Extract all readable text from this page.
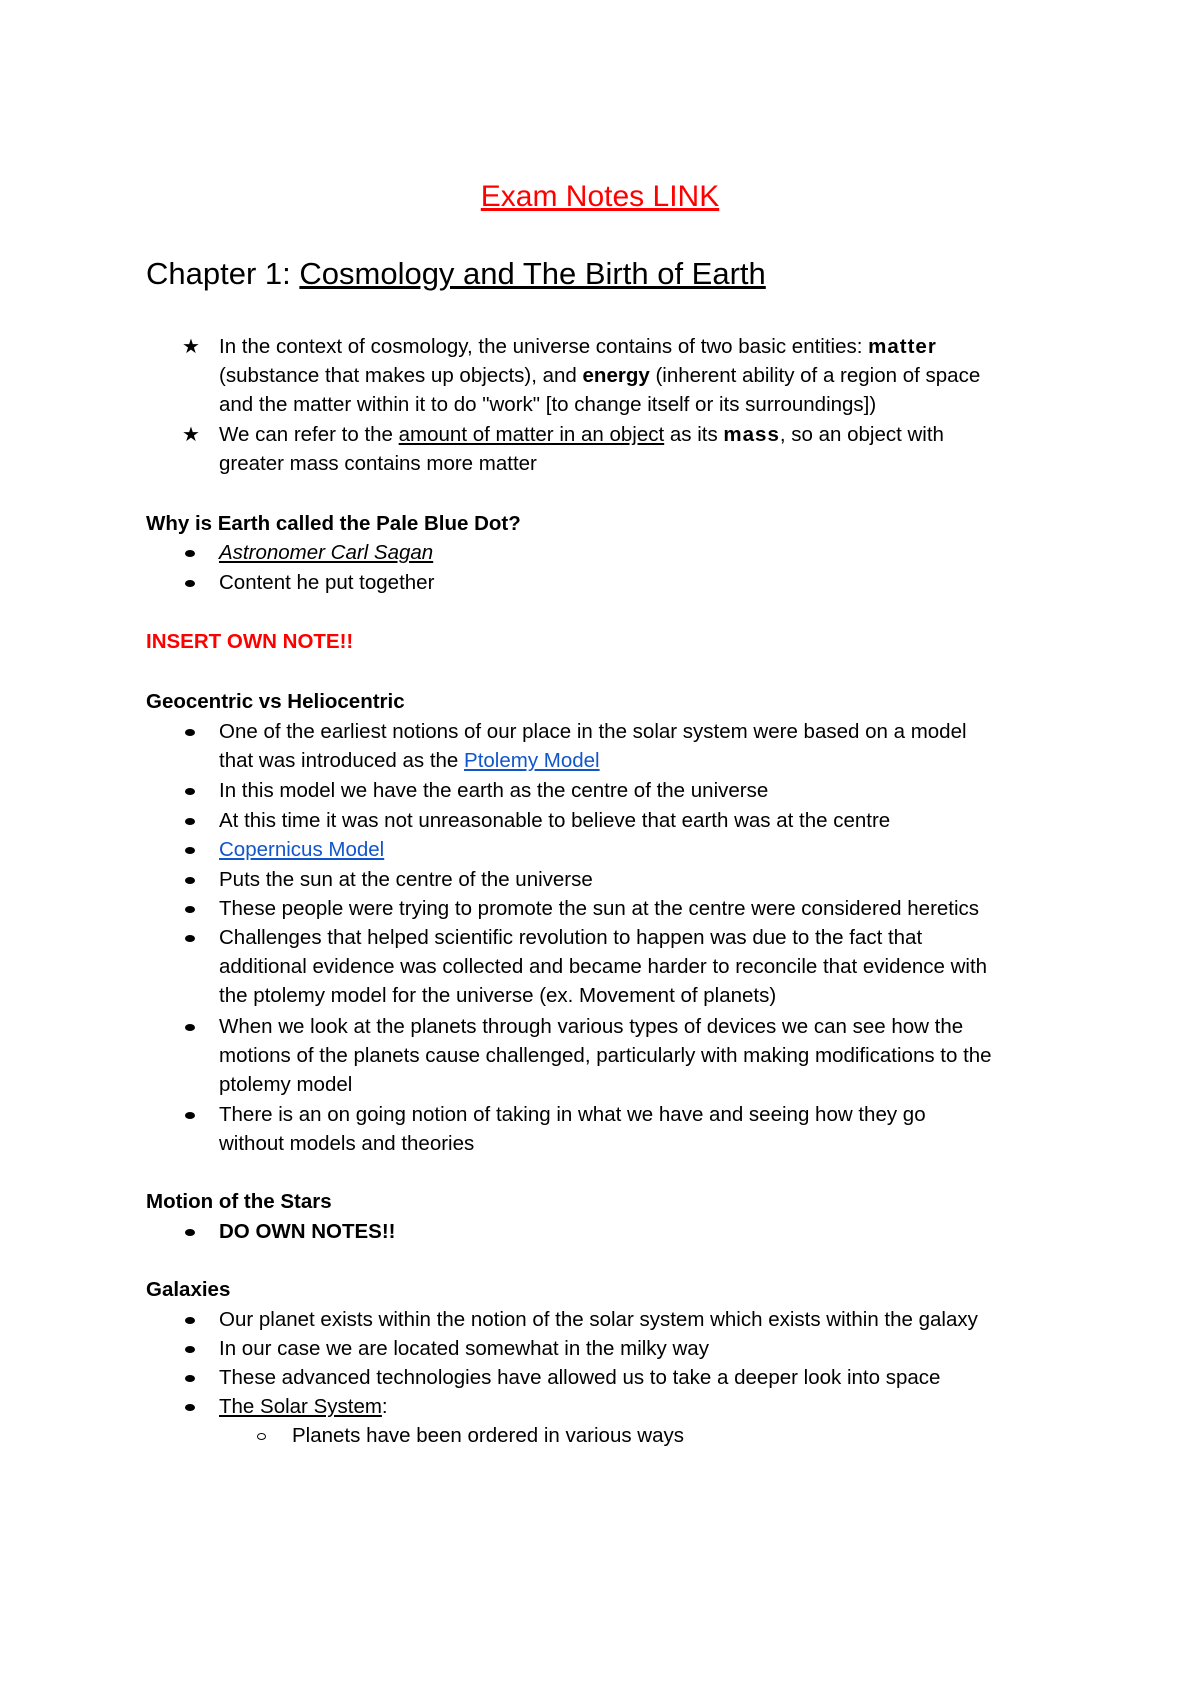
Exam Notes LINK
Chapter 1: Cosmology and The Birth of Earth
★ In the context of cosmology, the universe contains of two basic entities: matter
(substance that makes up objects), and energy (inherent ability of a region of space
and the matter within it to do "work" [to change itself or its surroundings])
★ We can refer to the amount of matter in an object as its mass, so an object with
greater mass contains more matter
Why is Earth called the Pale Blue Dot?
Astronomer Carl Sagan
Content he put together
INSERT OWN NOTE!!
Geocentric vs Heliocentric
One of the earliest notions of our place in the solar system were based on a model
that was introduced as the Ptolemy Model
In this model we have the earth as the centre of the universe
At this time it was not unreasonable to believe that earth was at the centre
Copernicus Model
Puts the sun at the centre of the universe
These people were trying to promote the sun at the centre were considered heretics
Challenges that helped scientific revolution to happen was due to the fact that
additional evidence was collected and became harder to reconcile that evidence with
the ptolemy model for the universe (ex. Movement of planets)
When we look at the planets through various types of devices we can see how the
motions of the planets cause challenged, particularly with making modifications to the
ptolemy model
There is an on going notion of taking in what we have and seeing how they go
without models and theories
Motion of the Stars
DO OWN NOTES!!
Galaxies
Our planet exists within the notion of the solar system which exists within the galaxy
In our case we are located somewhat in the milky way
These advanced technologies have allowed us to take a deeper look into space
The Solar System:
Planets have been ordered in various ways
